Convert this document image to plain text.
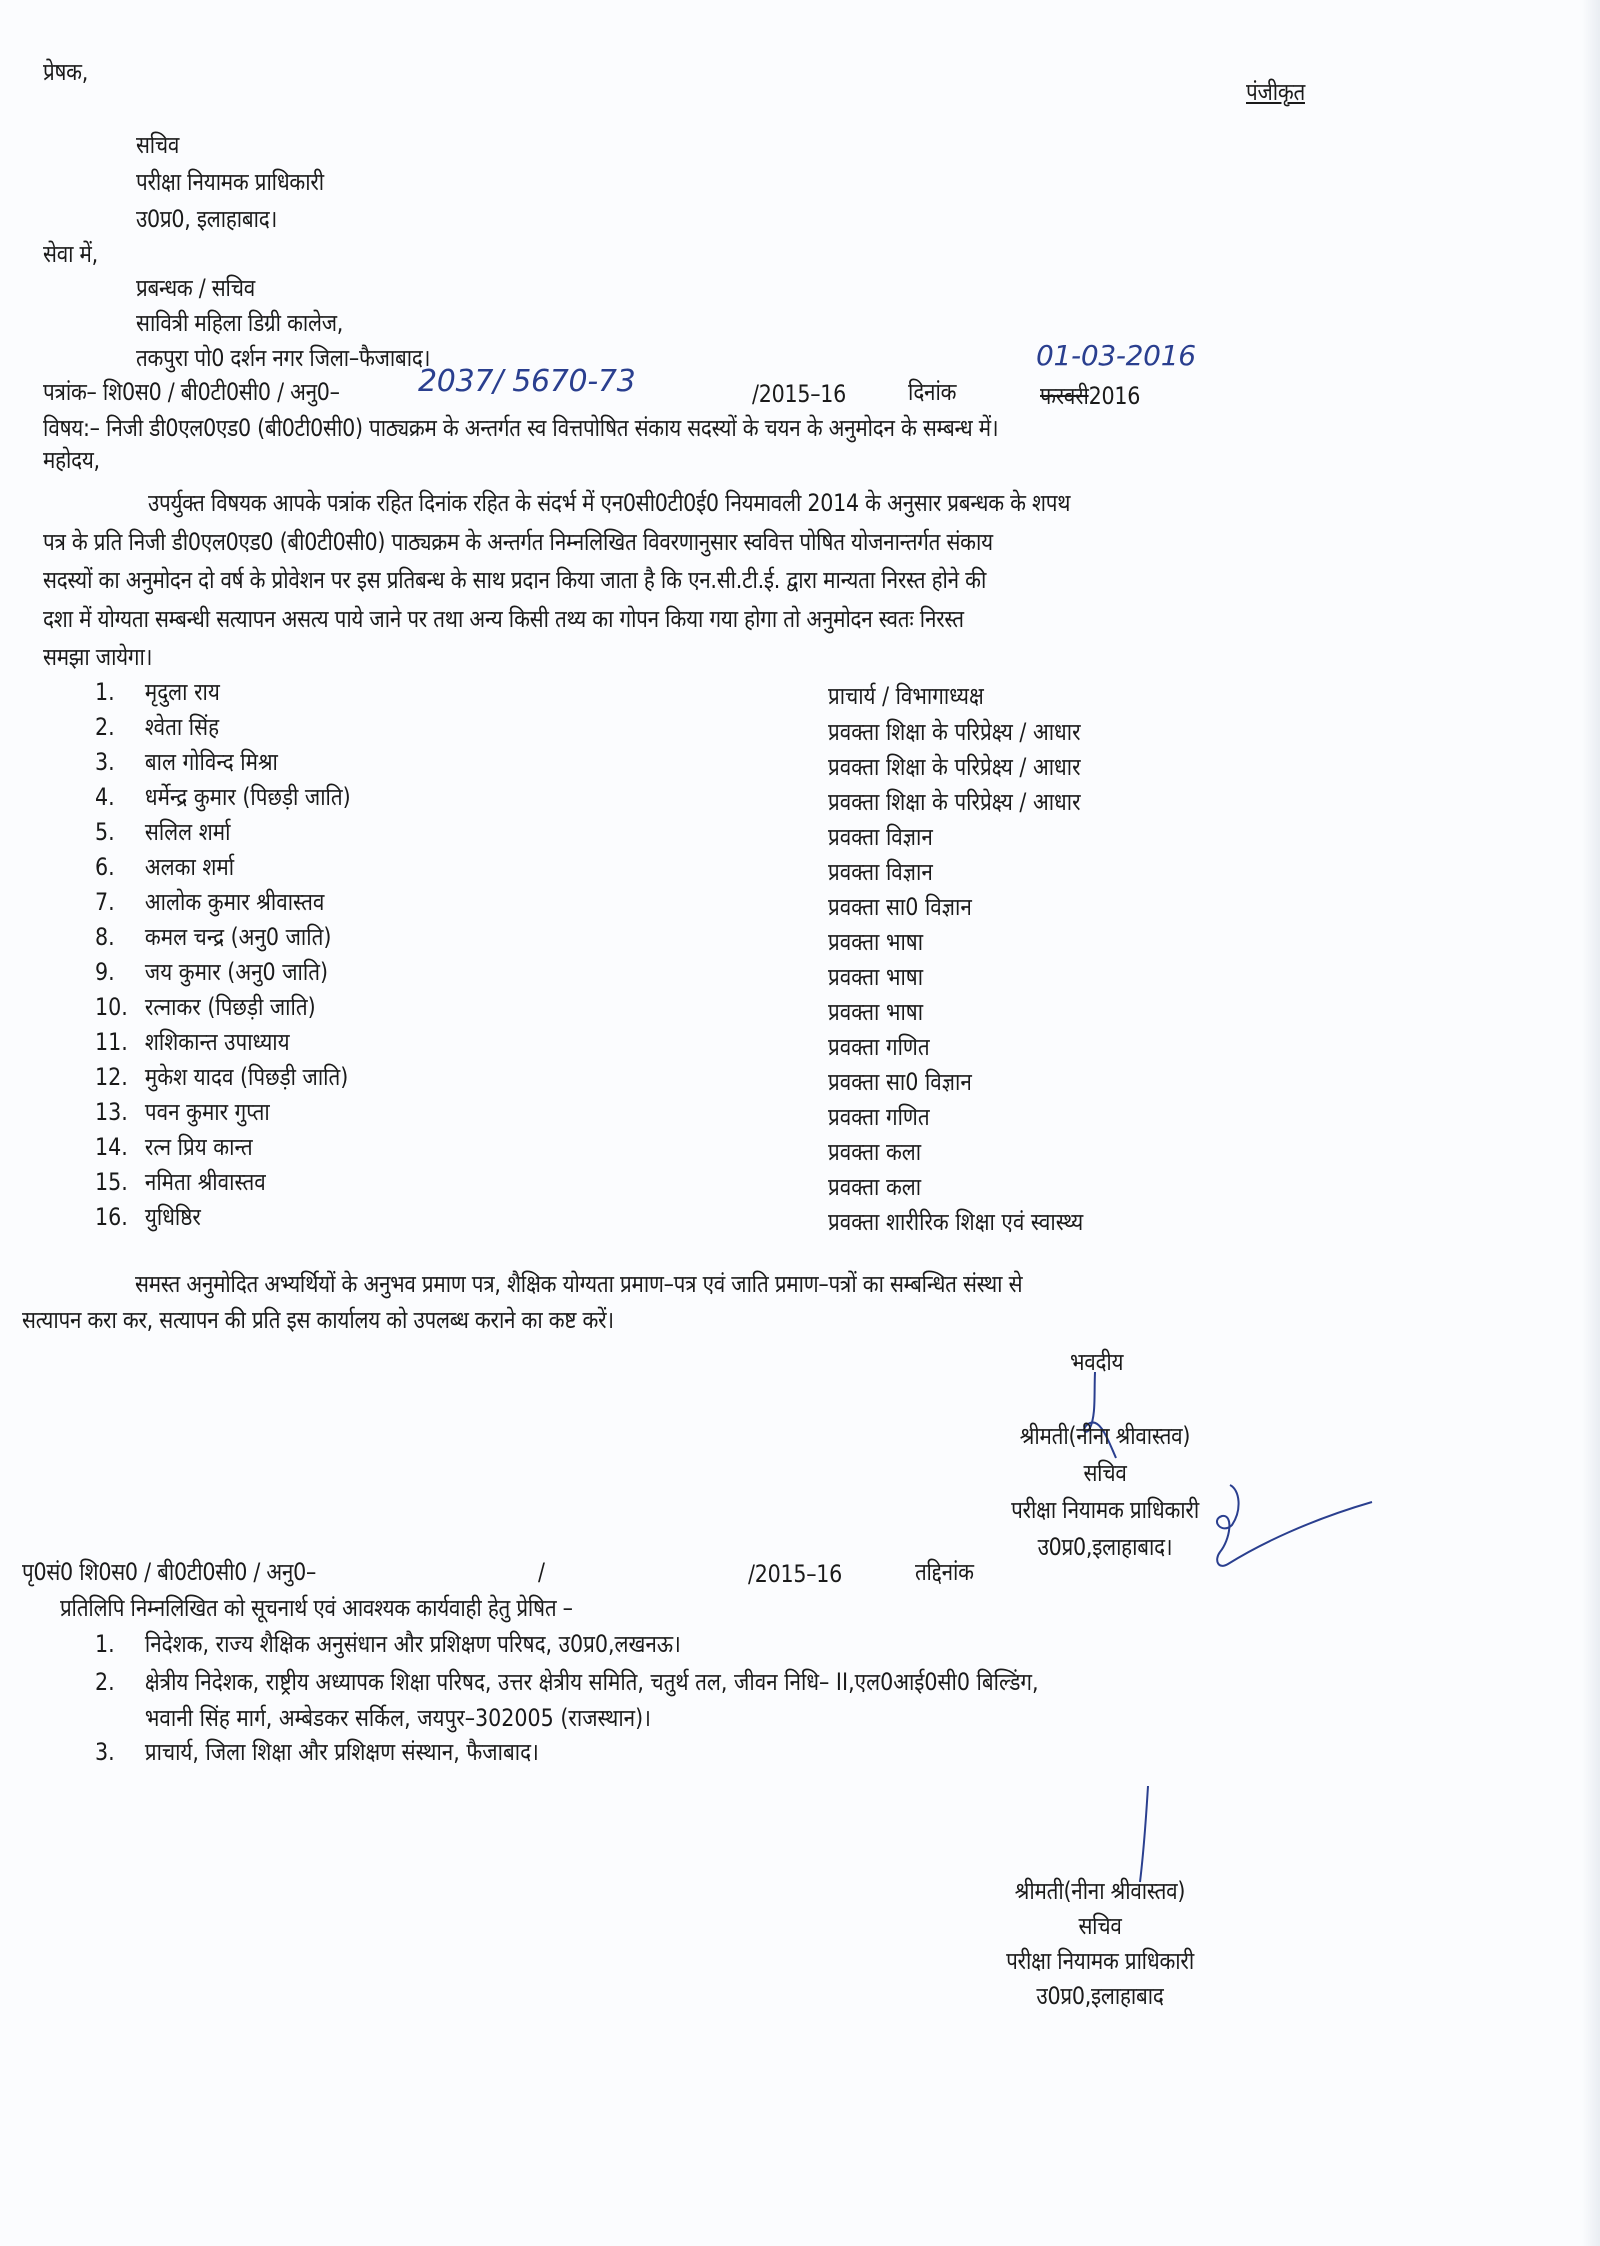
प्रेषक,
पंजीकृत
सचिव
परीक्षा नियामक प्राधिकारी
उ0प्र0, इलाहाबाद।
सेवा में,
प्रबन्धक / सचिव
सावित्री महिला डिग्री कालेज,
तकपुरा पो0 दर्शन नगर जिला–फैजाबाद।
पत्रांक– शि0स0 / बी0टी0सी0 / अनु0–	2037/ 5670-73	/2015–16	दिनांक
01-03-2016
फरवरी2016
विषय:– निजी डी0एल0एड0 (बी0टी0सी0) पाठ्यक्रम के अन्तर्गत स्व वित्तपोषित संकाय सदस्यों के चयन के अनुमोदन के सम्बन्ध में।
महोदय,
उपर्युक्त विषयक आपके पत्रांक रहित दिनांक रहित के संदर्भ में एन0सी0टी0ई0 नियमावली 2014 के अनुसार प्रबन्धक के शपथ
पत्र के प्रति निजी डी0एल0एड0 (बी0टी0सी0) पाठ्यक्रम के अन्तर्गत निम्नलिखित विवरणानुसार स्ववित्त पोषित योजनान्तर्गत संकाय
सदस्यों का अनुमोदन दो वर्ष के प्रोवेशन पर इस प्रतिबन्ध के साथ प्रदान किया जाता है कि एन.सी.टी.ई. द्वारा मान्यता निरस्त होने की
दशा में योग्यता सम्बन्धी सत्यापन असत्य पाये जाने पर तथा अन्य किसी तथ्य का गोपन किया गया होगा तो अनुमोदन स्वतः निरस्त
समझा जायेगा।
1. मृदुला राय	प्राचार्य / विभागाध्यक्ष
2. श्वेता सिंह	प्रवक्ता शिक्षा के परिप्रेक्ष्य / आधार
3. बाल गोविन्द मिश्रा	प्रवक्ता शिक्षा के परिप्रेक्ष्य / आधार
4. धर्मेन्द्र कुमार (पिछड़ी जाति)	प्रवक्ता शिक्षा के परिप्रेक्ष्य / आधार
5. सलिल शर्मा	प्रवक्ता विज्ञान
6. अलका शर्मा	प्रवक्ता विज्ञान
7. आलोक कुमार श्रीवास्तव	प्रवक्ता सा0 विज्ञान
8. कमल चन्द्र (अनु0 जाति)	प्रवक्ता भाषा
9. जय कुमार (अनु0 जाति)	प्रवक्ता भाषा
10. रत्नाकर (पिछड़ी जाति)	प्रवक्ता भाषा
11. शशिकान्त उपाध्याय	प्रवक्ता गणित
12. मुकेश यादव (पिछड़ी जाति)	प्रवक्ता सा0 विज्ञान
13. पवन कुमार गुप्ता	प्रवक्ता गणित
14. रत्न प्रिय कान्त	प्रवक्ता कला
15. नमिता श्रीवास्तव	प्रवक्ता कला
16. युधिष्ठिर	प्रवक्ता शारीरिक शिक्षा एवं स्वास्थ्य
समस्त अनुमोदित अभ्यर्थियों के अनुभव प्रमाण पत्र, शैक्षिक योग्यता प्रमाण–पत्र एवं जाति प्रमाण–पत्रों का सम्बन्धित संस्था से
सत्यापन करा कर, सत्यापन की प्रति इस कार्यालय को उपलब्ध कराने का कष्ट करें।
भवदीय
श्रीमती(नीना श्रीवास्तव)
सचिव
परीक्षा नियामक प्राधिकारी
उ0प्र0,इलाहाबाद।
पृ0सं0 शि0स0 / बी0टी0सी0 / अनु0–	/	/2015–16	तद्दिनांक
प्रतिलिपि निम्नलिखित को सूचनार्थ एवं आवश्यक कार्यवाही हेतु प्रेषित –
1. निदेशक, राज्य शैक्षिक अनुसंधान और प्रशिक्षण परिषद, उ0प्र0,लखनऊ।
2. क्षेत्रीय निदेशक, राष्ट्रीय अध्यापक शिक्षा परिषद, उत्तर क्षेत्रीय समिति, चतुर्थ तल, जीवन निधि– II,एल0आई0सी0 बिल्डिंग,
भवानी सिंह मार्ग, अम्बेडकर सर्किल, जयपुर–302005 (राजस्थान)।
3. प्राचार्य, जिला शिक्षा और प्रशिक्षण संस्थान, फैजाबाद।
श्रीमती(नीना श्रीवास्तव)
सचिव
परीक्षा नियामक प्राधिकारी
उ0प्र0,इलाहाबाद
